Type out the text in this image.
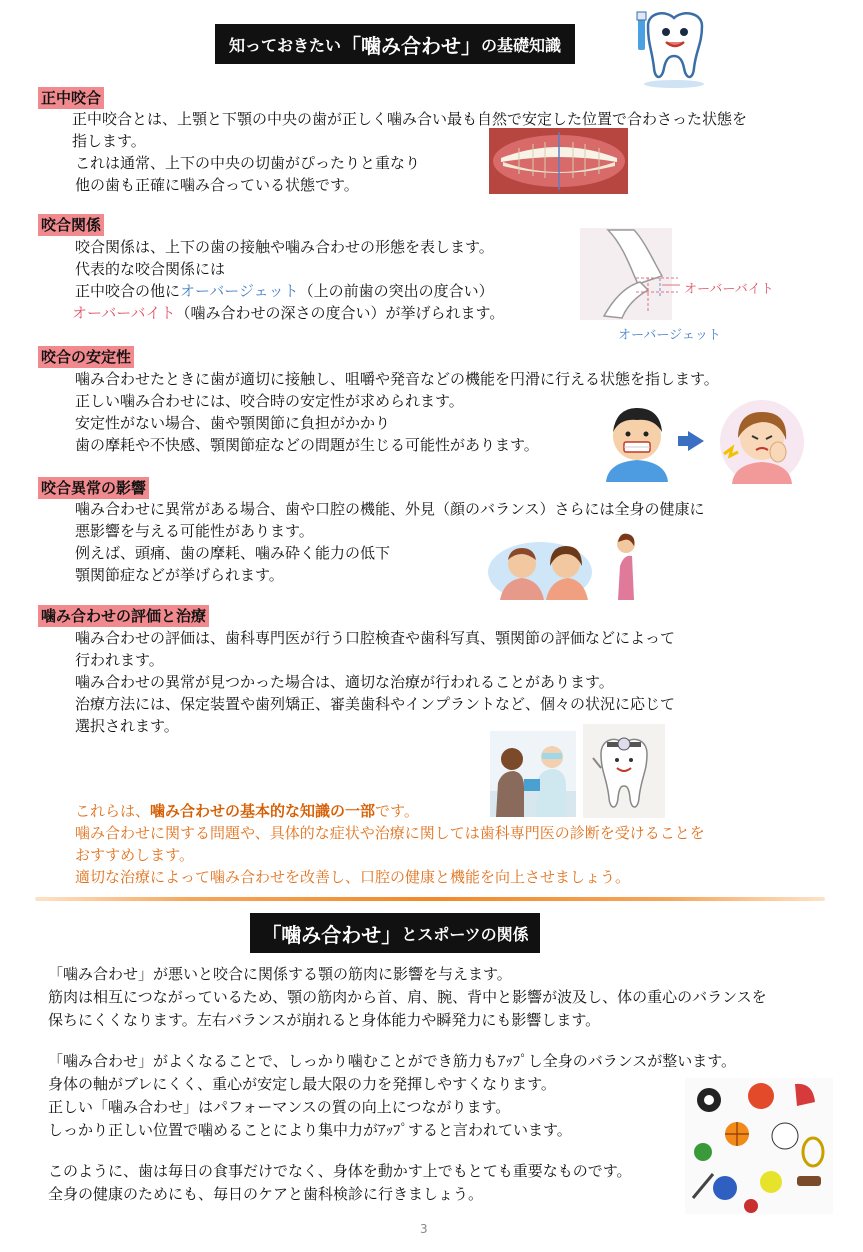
知っておきたい 「噛み合わせ」 の基礎知識
正中咬合
正中咬合とは、上顎と下顎の中央の歯が正しく噛み合い最も自然で安定した位置で合わさった状態を
指します。
これは通常、上下の中央の切歯がぴったりと重なり
他の歯も正確に噛み合っている状態です。
咬合関係
咬合関係は、上下の歯の接触や噛み合わせの形態を表します。
代表的な咬合関係には
正中咬合の他にオーバージェット（上の前歯の突出の度合い）
オーバーバイト（噛み合わせの深さの度合い）が挙げられます。
オーバーバイト
オーバージェット
咬合の安定性
噛み合わせたときに歯が適切に接触し、咀嚼や発音などの機能を円滑に行える状態を指します。
正しい噛み合わせには、咬合時の安定性が求められます。
安定性がない場合、歯や顎関節に負担がかかり
歯の摩耗や不快感、顎関節症などの問題が生じる可能性があります。
咬合異常の影響
噛み合わせに異常がある場合、歯や口腔の機能、外見（顔のバランス）さらには全身の健康に
悪影響を与える可能性があります。
例えば、頭痛、歯の摩耗、噛み砕く能力の低下
顎関節症などが挙げられます。
噛み合わせの評価と治療
噛み合わせの評価は、歯科専門医が行う口腔検査や歯科写真、顎関節の評価などによって
行われます。
噛み合わせの異常が見つかった場合は、適切な治療が行われることがあります。
治療方法には、保定装置や歯列矯正、審美歯科やインプラントなど、個々の状況に応じて
選択されます。
これらは、噛み合わせの基本的な知識の一部です。
噛み合わせに関する問題や、具体的な症状や治療に関しては歯科専門医の診断を受けることを
おすすめします。
適切な治療によって噛み合わせを改善し、口腔の健康と機能を向上させましょう。
「噛み合わせ」 とスポーツの関係
「噛み合わせ」が悪いと咬合に関係する顎の筋肉に影響を与えます。
筋肉は相互につながっているため、顎の筋肉から首、肩、腕、背中と影響が波及し、体の重心のバランスを
保ちにくくなります。左右バランスが崩れると身体能力や瞬発力にも影響します。
「噛み合わせ」がよくなることで、しっかり噛むことができ筋力もｱｯﾌﾟし全身のバランスが整います。
身体の軸がブレにくく、重心が安定し最大限の力を発揮しやすくなります。
正しい「噛み合わせ」はパフォーマンスの質の向上につながります。
しっかり正しい位置で噛めることにより集中力がｱｯﾌﾟすると言われています。
このように、歯は毎日の食事だけでなく、身体を動かす上でもとても重要なものです。
全身の健康のためにも、毎日のケアと歯科検診に行きましょう。
3
